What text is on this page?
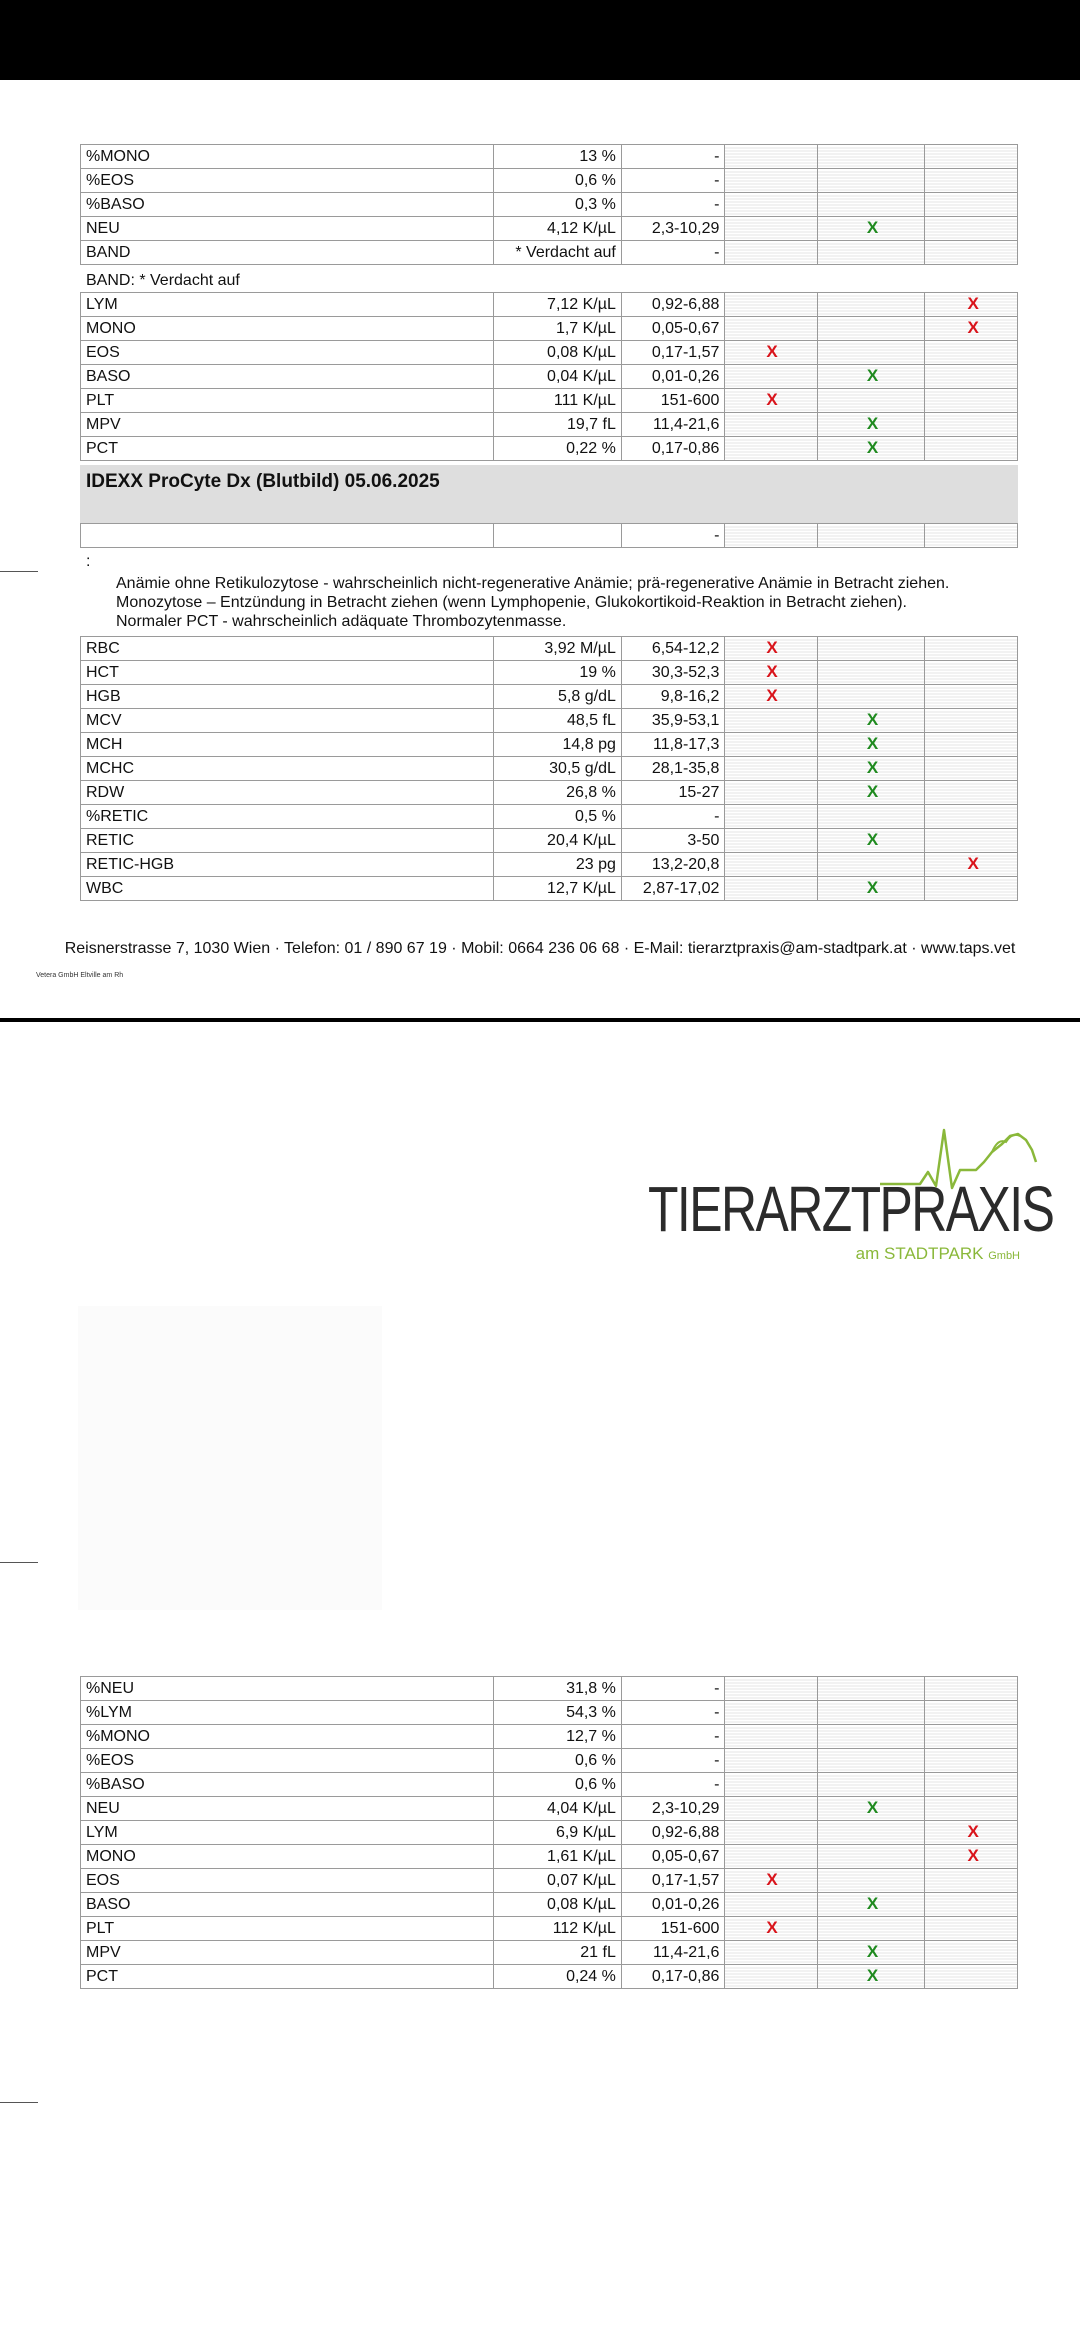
%MONO	13 %	-			
%EOS	0,6 %	-			
%BASO	0,3 %	-			
NEU	4,12 K/µL	2,3-10,29		X	

BAND	* Verdacht auf	-			
BAND: * Verdacht auf
LYM	7,12 K/µL	0,92-6,88			X

MONO	1,7 K/µL	0,05-0,67			X

EOS	0,08 K/µL	0,17-1,57	X		

BASO	0,04 K/µL	0,01-0,26		X	

PLT	111 K/µL	151-600	X		

MPV	19,7 fL	11,4-21,6		X	

PCT	0,22 %	0,17-0,86		X	

IDEXX ProCyte Dx (Blutbild) 05.06.2025
		-			
:
Anämie ohne Retikulozytose - wahrscheinlich nicht-regenerative Anämie; prä-regenerative Anämie in Betracht ziehen.
Monozytose – Entzündung in Betracht ziehen (wenn Lymphopenie, Glukokortikoid-Reaktion in Betracht ziehen).
Normaler PCT - wahrscheinlich adäquate Thrombozytenmasse.
RBC	3,92 M/µL	6,54-12,2	X		

HCT	19 %	30,3-52,3	X		

HGB	5,8 g/dL	9,8-16,2	X		

MCV	48,5 fL	35,9-53,1		X	

MCH	14,8 pg	11,8-17,3		X	

MCHC	30,5 g/dL	28,1-35,8		X	

RDW	26,8 %	15-27		X	

%RETIC	0,5 %	-			
RETIC	20,4 K/µL	3-50		X	

RETIC-HGB	23 pg	13,2-20,8			X

WBC	12,7 K/µL	2,87-17,02		X	

Reisnerstrasse 7, 1030 Wien · Telefon: 01 / 890 67 19 · Mobil: 0664 236 06 68 · E-Mail: tierarztpraxis@am-stadtpark.at · www.taps.vet
Vetera GmbH Eltville am Rh
TIERARZTPRAXIS
am STADTPARK GmbH
%NEU	31,8 %	-			
%LYM	54,3 %	-			
%MONO	12,7 %	-			
%EOS	0,6 %	-			
%BASO	0,6 %	-			
NEU	4,04 K/µL	2,3-10,29		X	

LYM	6,9 K/µL	0,92-6,88			X

MONO	1,61 K/µL	0,05-0,67			X

EOS	0,07 K/µL	0,17-1,57	X		

BASO	0,08 K/µL	0,01-0,26		X	

PLT	112 K/µL	151-600	X		

MPV	21 fL	11,4-21,6		X	

PCT	0,24 %	0,17-0,86		X	
